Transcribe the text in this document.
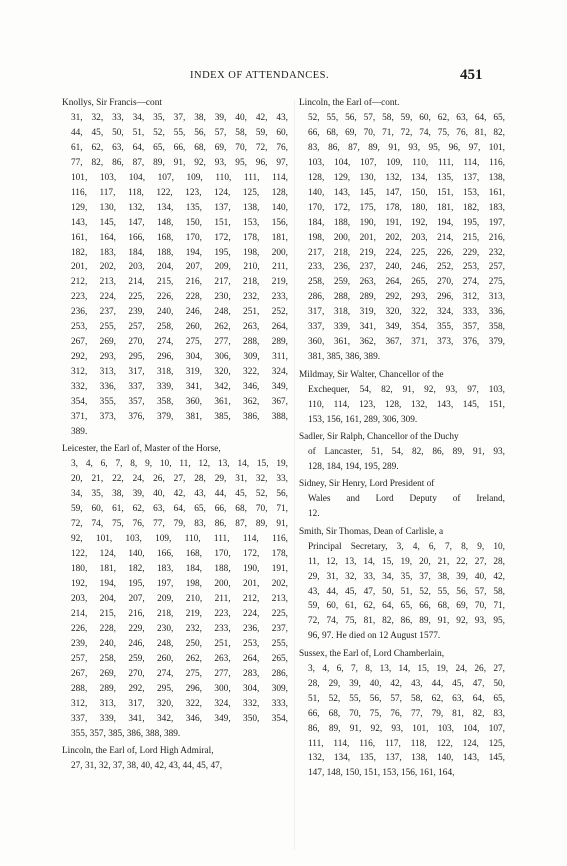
INDEX OF ATTENDANCES.	451
Knollys, Sir Francis—cont
31, 32, 33, 34, 35, 37, 38, 39, 40, 42, 43,
44, 45, 50, 51, 52, 55, 56, 57, 58, 59, 60,
61, 62, 63, 64, 65, 66, 68, 69, 70, 72, 76,
77, 82, 86, 87, 89, 91, 92, 93, 95, 96, 97,
101, 103, 104, 107, 109, 110, 111, 114,
116, 117, 118, 122, 123, 124, 125, 128,
129, 130, 132, 134, 135, 137, 138, 140,
143, 145, 147, 148, 150, 151, 153, 156,
161, 164, 166, 168, 170, 172, 178, 181,
182, 183, 184, 188, 194, 195, 198, 200,
201, 202, 203, 204, 207, 209, 210, 211,
212, 213, 214, 215, 216, 217, 218, 219,
223, 224, 225, 226, 228, 230, 232, 233,
236, 237, 239, 240, 246, 248, 251, 252,
253, 255, 257, 258, 260, 262, 263, 264,
267, 269, 270, 274, 275, 277, 288, 289,
292, 293, 295, 296, 304, 306, 309, 311,
312, 313, 317, 318, 319, 320, 322, 324,
332, 336, 337, 339, 341, 342, 346, 349,
354, 355, 357, 358, 360, 361, 362, 367,
371, 373, 376, 379, 381, 385, 386, 388,
389.
Leicester, the Earl of, Master of the Horse,
3, 4, 6, 7, 8, 9, 10, 11, 12, 13, 14, 15, 19,
20, 21, 22, 24, 26, 27, 28, 29, 31, 32, 33,
34, 35, 38, 39, 40, 42, 43, 44, 45, 52, 56,
59, 60, 61, 62, 63, 64, 65, 66, 68, 70, 71,
72, 74, 75, 76, 77, 79, 83, 86, 87, 89, 91,
92, 101, 103, 109, 110, 111, 114, 116,
122, 124, 140, 166, 168, 170, 172, 178,
180, 181, 182, 183, 184, 188, 190, 191,
192, 194, 195, 197, 198, 200, 201, 202,
203, 204, 207, 209, 210, 211, 212, 213,
214, 215, 216, 218, 219, 223, 224, 225,
226, 228, 229, 230, 232, 233, 236, 237,
239, 240, 246, 248, 250, 251, 253, 255,
257, 258, 259, 260, 262, 263, 264, 265,
267, 269, 270, 274, 275, 277, 283, 286,
288, 289, 292, 295, 296, 300, 304, 309,
312, 313, 317, 320, 322, 324, 332, 333,
337, 339, 341, 342, 346, 349, 350, 354,
355, 357, 385, 386, 388, 389.
Lincoln, the Earl of, Lord High Admiral,
27, 31, 32, 37, 38, 40, 42, 43, 44, 45, 47,
Lincoln, the Earl of—cont.
52, 55, 56, 57, 58, 59, 60, 62, 63, 64, 65,
66, 68, 69, 70, 71, 72, 74, 75, 76, 81, 82,
83, 86, 87, 89, 91, 93, 95, 96, 97, 101,
103, 104, 107, 109, 110, 111, 114, 116,
128, 129, 130, 132, 134, 135, 137, 138,
140, 143, 145, 147, 150, 151, 153, 161,
170, 172, 175, 178, 180, 181, 182, 183,
184, 188, 190, 191, 192, 194, 195, 197,
198, 200, 201, 202, 203, 214, 215, 216,
217, 218, 219, 224, 225, 226, 229, 232,
233, 236, 237, 240, 246, 252, 253, 257,
258, 259, 263, 264, 265, 270, 274, 275,
286, 288, 289, 292, 293, 296, 312, 313,
317, 318, 319, 320, 322, 324, 333, 336,
337, 339, 341, 349, 354, 355, 357, 358,
360, 361, 362, 367, 371, 373, 376, 379,
381, 385, 386, 389.
Mildmay, Sir Walter, Chancellor of the
Exchequer, 54, 82, 91, 92, 93, 97, 103,
110, 114, 123, 128, 132, 143, 145, 151,
153, 156, 161, 289, 306, 309.
Sadler, Sir Ralph, Chancellor of the Duchy
of Lancaster, 51, 54, 82, 86, 89, 91, 93,
128, 184, 194, 195, 289.
Sidney, Sir Henry, Lord President of
Wales and Lord Deputy of Ireland,
12.
Smith, Sir Thomas, Dean of Carlisle, a
Principal Secretary, 3, 4, 6, 7, 8, 9, 10,
11, 12, 13, 14, 15, 19, 20, 21, 22, 27, 28,
29, 31, 32, 33, 34, 35, 37, 38, 39, 40, 42,
43, 44, 45, 47, 50, 51, 52, 55, 56, 57, 58,
59, 60, 61, 62, 64, 65, 66, 68, 69, 70, 71,
72, 74, 75, 81, 82, 86, 89, 91, 92, 93, 95,
96, 97. He died on 12 August 1577.
Sussex, the Earl of, Lord Chamberlain,
3, 4, 6, 7, 8, 13, 14, 15, 19, 24, 26, 27,
28, 29, 39, 40, 42, 43, 44, 45, 47, 50,
51, 52, 55, 56, 57, 58, 62, 63, 64, 65,
66, 68, 70, 75, 76, 77, 79, 81, 82, 83,
86, 89, 91, 92, 93, 101, 103, 104, 107,
111, 114, 116, 117, 118, 122, 124, 125,
132, 134, 135, 137, 138, 140, 143, 145,
147, 148, 150, 151, 153, 156, 161, 164,
